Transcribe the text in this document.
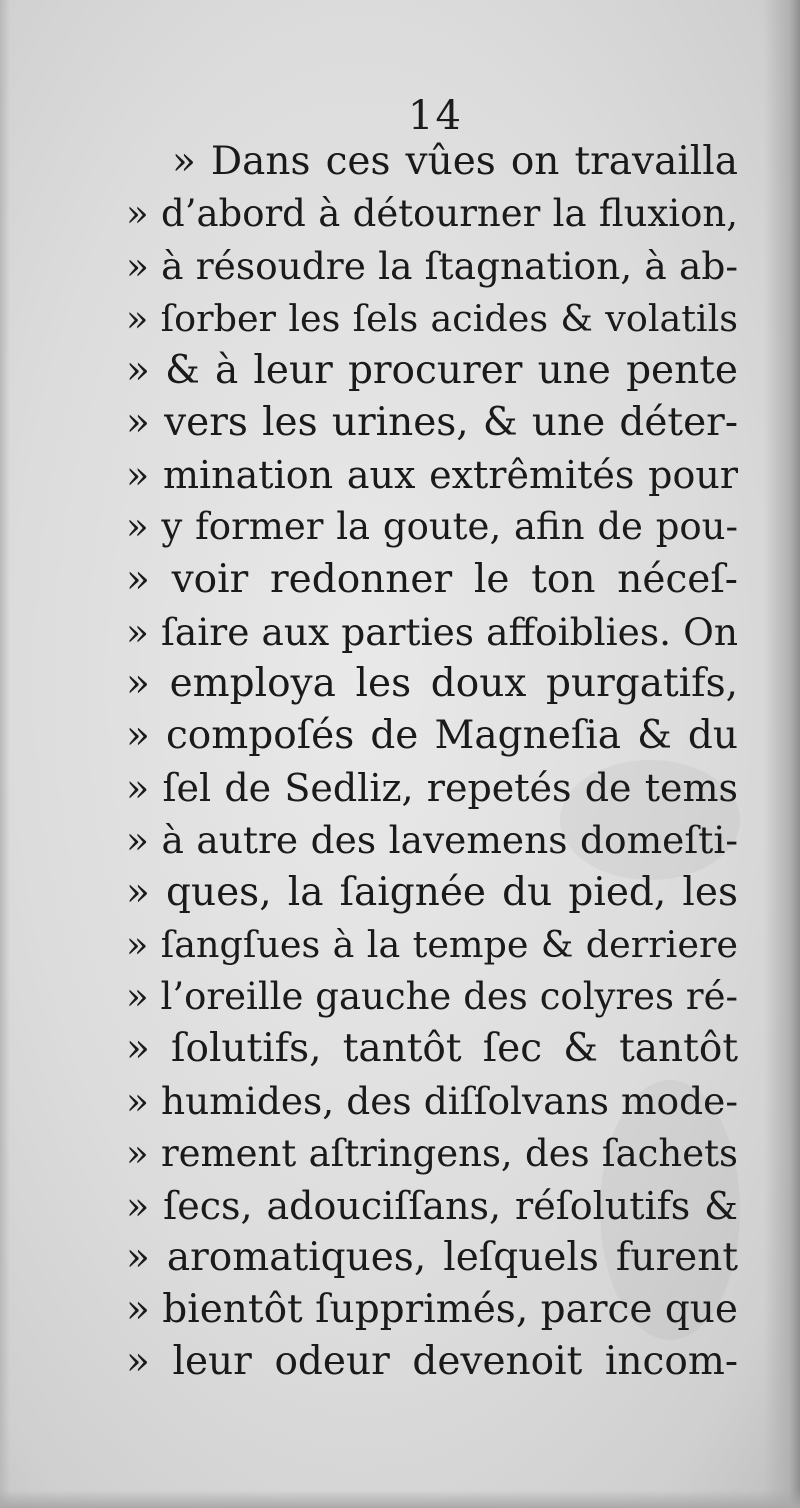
14
» Dans ces vûes on travailla
» d’abord à détourner la fluxion,
» à résoudre la ſtagnation, à ab-
» ſorber les ſels acides & volatils
» & à leur procurer une pente
» vers les urines, & une déter-
» mination aux extrêmités pour
» y former la goute, afin de pou-
» voir redonner le ton néceſ-
» ſaire aux parties affoiblies. On
» employa les doux purgatifs,
» compoſés de Magneſia & du
» ſel de Sedliz, repetés de tems
» à autre des lavemens domeſti-
» ques, la ſaignée du pied, les
» ſangſues à la tempe & derriere
» l’oreille gauche des colyres ré-
» ſolutifs, tantôt ſec & tantôt
» humides, des diſſolvans mode-
» rement aſtringens, des ſachets
» ſecs, adouciſſans, réſolutifs &
» aromatiques, leſquels furent
» bientôt ſupprimés, parce que
» leur odeur devenoit incom-
